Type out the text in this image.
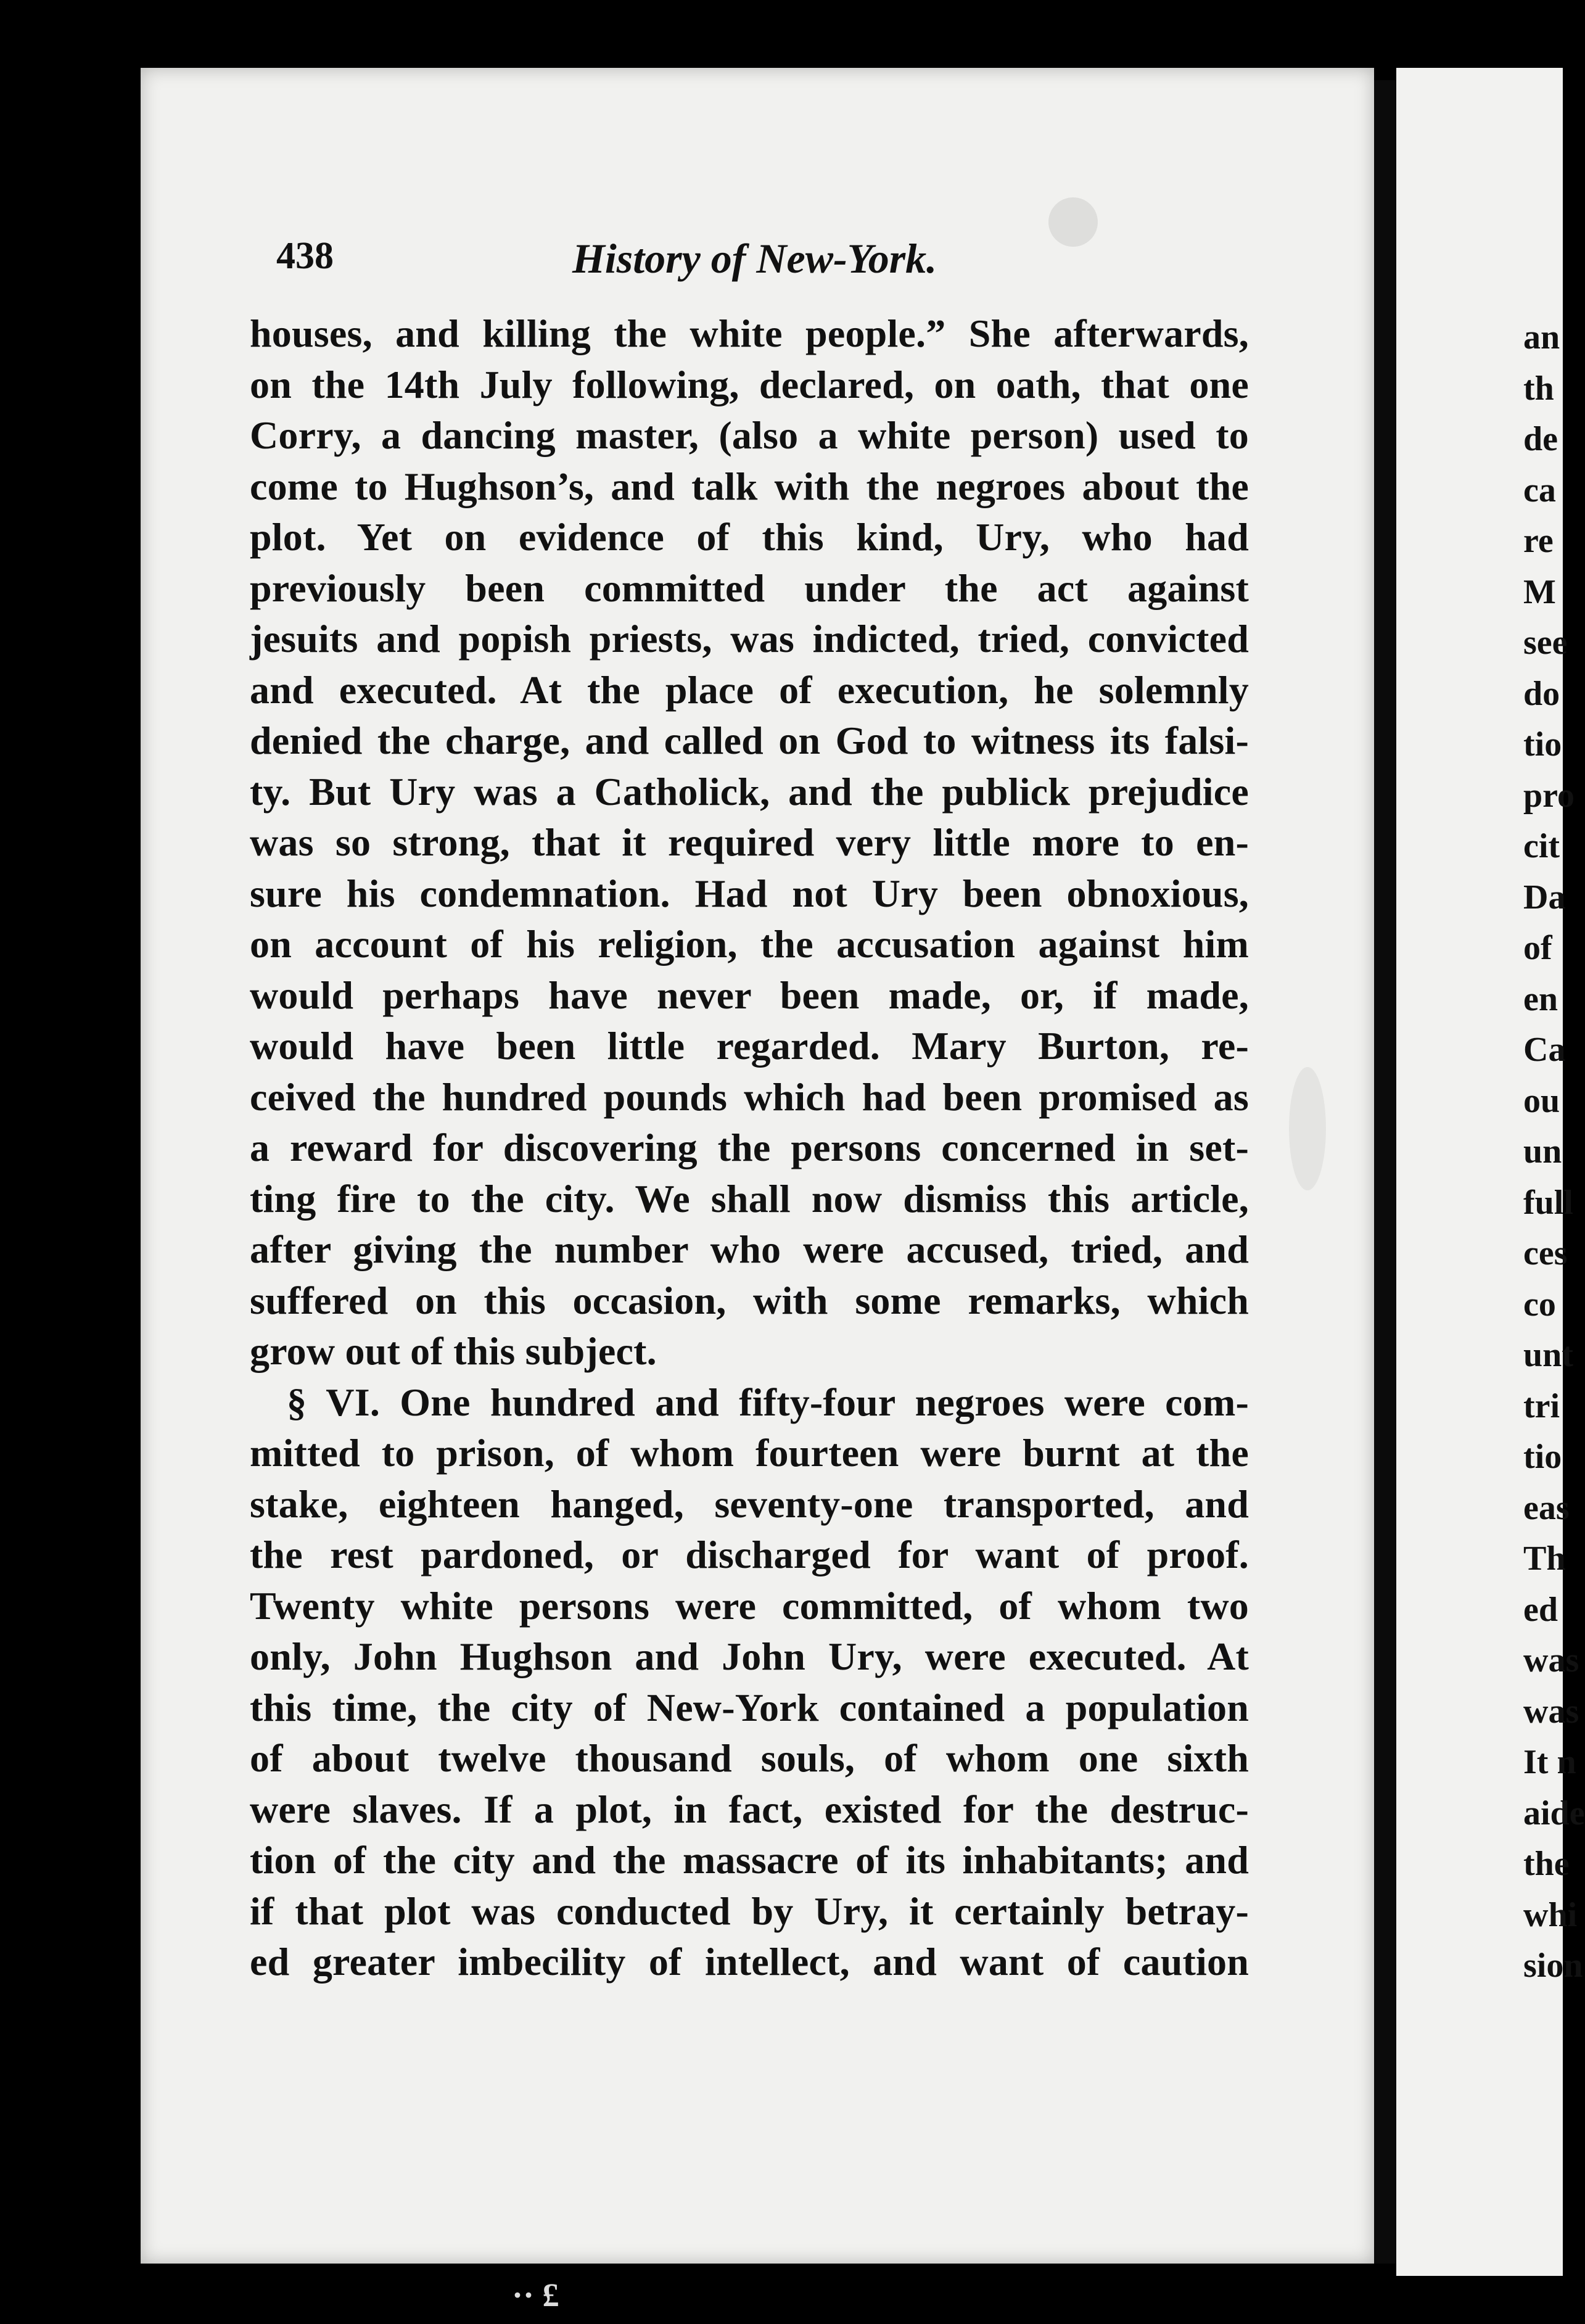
438	History of New-York.
houses, and killing the white people.” She afterwards,
on the 14th July following, declared, on oath, that one
Corry, a dancing master, (also a white person) used to
come to Hughson’s, and talk with the negroes about the
plot. Yet on evidence of this kind, Ury, who had
previously been committed under the act against
jesuits and popish priests, was indicted, tried, convicted
and executed. At the place of execution, he solemnly
denied the charge, and called on God to witness its falsi-
ty. But Ury was a Catholick, and the publick prejudice
was so strong, that it required very little more to en-
sure his condemnation. Had not Ury been obnoxious,
on account of his religion, the accusation against him
would perhaps have never been made, or, if made,
would have been little regarded. Mary Burton, re-
ceived the hundred pounds which had been promised as
a reward for discovering the persons concerned in set-
ting fire to the city. We shall now dismiss this article,
after giving the number who were accused, tried, and
suffered on this occasion, with some remarks, which
grow out of this subject.
§ VI. One hundred and fifty-four negroes were com-
mitted to prison, of whom fourteen were burnt at the
stake, eighteen hanged, seventy-one transported, and
the rest pardoned, or discharged for want of proof.
Twenty white persons were committed, of whom two
only, John Hughson and John Ury, were executed. At
this time, the city of New-York contained a population
of about twelve thousand souls, of whom one sixth
were slaves. If a plot, in fact, existed for the destruc-
tion of the city and the massacre of its inhabitants; and
if that plot was conducted by Ury, it certainly betray-
ed greater imbecility of intellect, and want of caution
an
th
de
ca
re
M
see
do
tio
pro
cit
Da
of
en
Ca
ou
un
full
ces
co
unt
tri
tio
eas
Th
ed
was
was
It n
aide
the
whi
sion
·· £
